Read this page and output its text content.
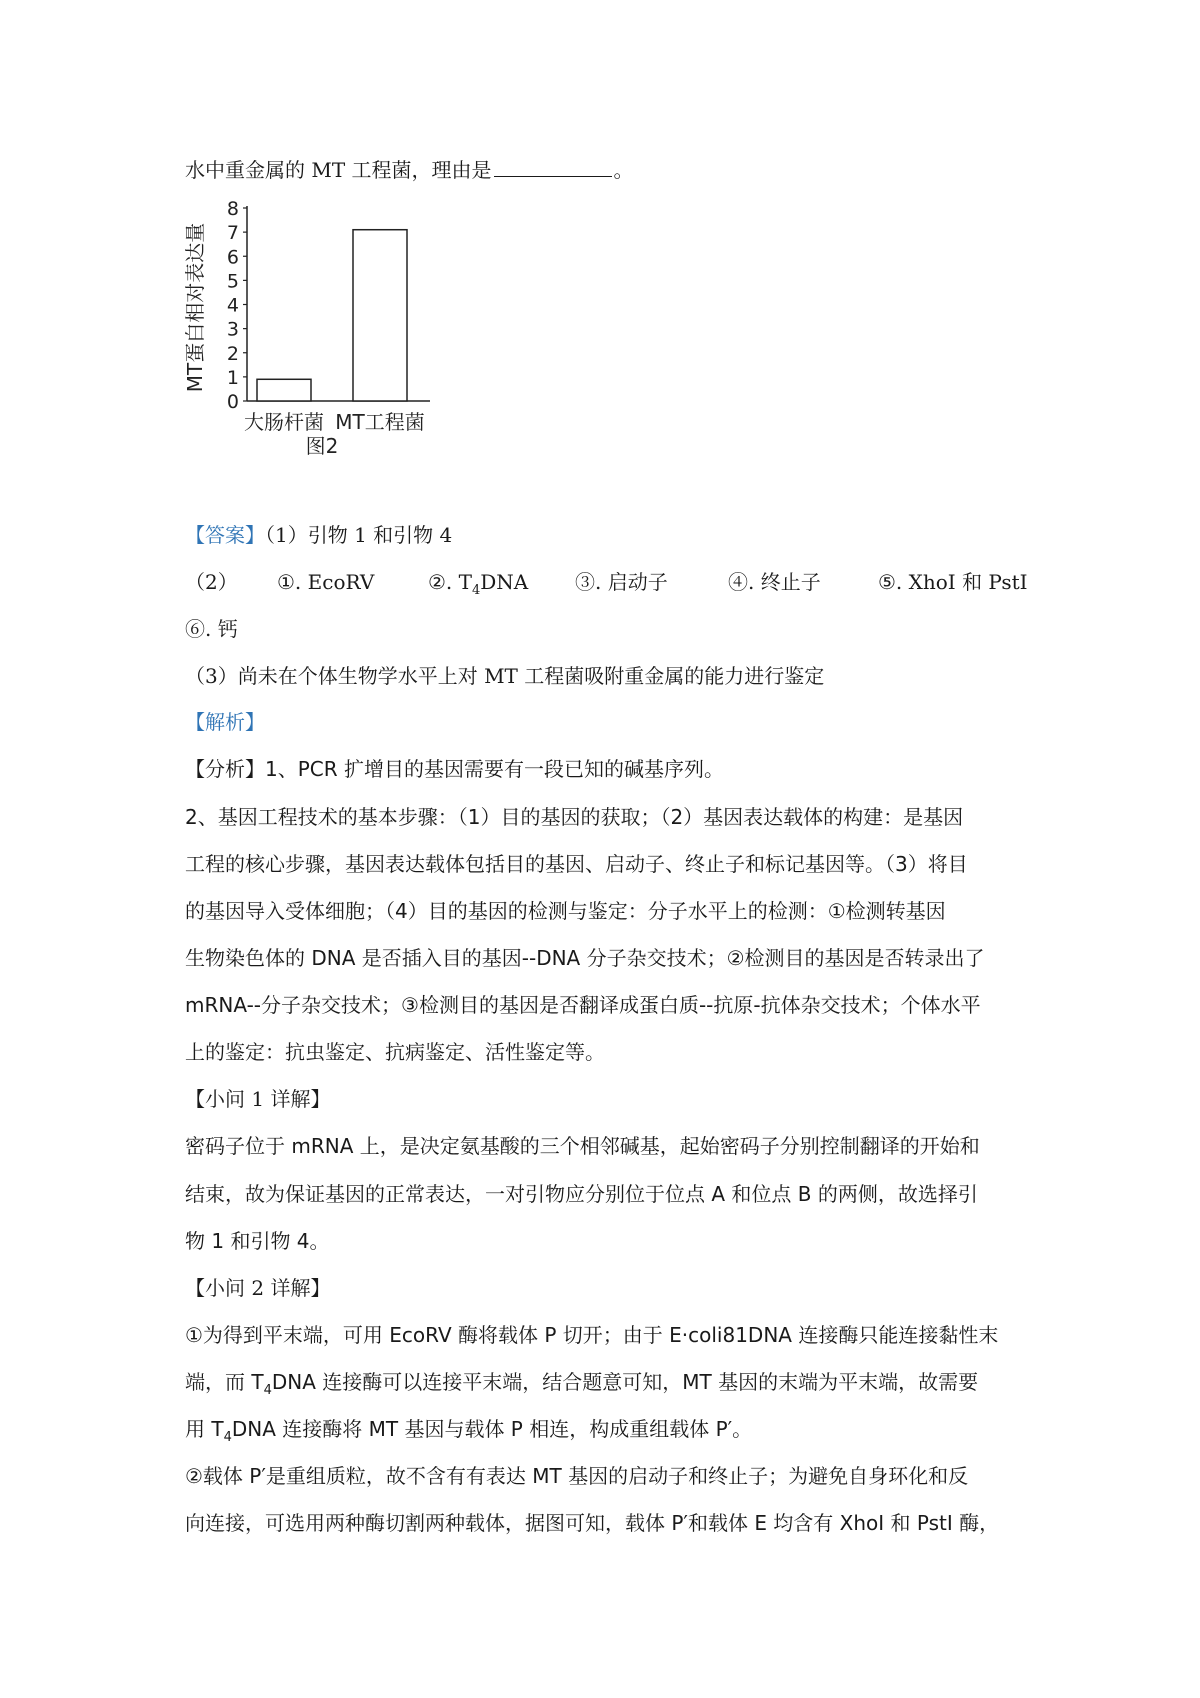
水中重金属的 MT 工程菌，理由是	。
0
1
2
3
4
5
6
7
8
MT蛋白相对表达量
大肠杆菌 MT工程菌
图2
【答案】（1）引物 1 和引物 4
（2） ①. EcoRV	②. $T_4DNA$ ③. 启动子	④. 终止子	⑤. XhoI 和 PstI
⑥. 钙
（3）尚未在个体生物学水平上对 MT 工程菌吸附重金属的能力进行鉴定
【解析】
【分析】1、PCR 扩增目的基因需要有一段已知的碱基序列。
2、基因工程技术的基本步骤：（1）目的基因的获取；（2）基因表达载体的构建：是基因
工程的核心步骤，基因表达载体包括目的基因、启动子、终止子和标记基因等。（3）将目
的基因导入受体细胞；（4）目的基因的检测与鉴定：分子水平上的检测：①检测转基因
生物染色体的 DNA 是否插入目的基因--DNA 分子杂交技术；②检测目的基因是否转录出了
mRNA--分子杂交技术；③检测目的基因是否翻译成蛋白质--抗原-抗体杂交技术；个体水平
上的鉴定：抗虫鉴定、抗病鉴定、活性鉴定等。
【小问 1 详解】
密码子位于 mRNA 上，是决定氨基酸的三个相邻碱基，起始密码子分别控制翻译的开始和
结束，故为保证基因的正常表达，一对引物应分别位于位点 A 和位点 B 的两侧，故选择引
物 1 和引物 4。
【小问 2 详解】
①为得到平末端，可用 EcoRV 酶将载体 P 切开；由于 E·coli81DNA 连接酶只能连接黏性末
端，而 $T_4DNA$ 连接酶可以连接平末端，结合题意可知，MT 基因的末端为平末端，故需要
用 $T_4DNA$ 连接酶将 MT 基因与载体 P 相连，构成重组载体 P′。
②载体 P′是重组质粒，故不含有有表达 MT 基因的启动子和终止子；为避免自身环化和反
向连接，可选用两种酶切割两种载体，据图可知，载体 P′和载体 E 均含有 XhoI 和 PstI 酶，
